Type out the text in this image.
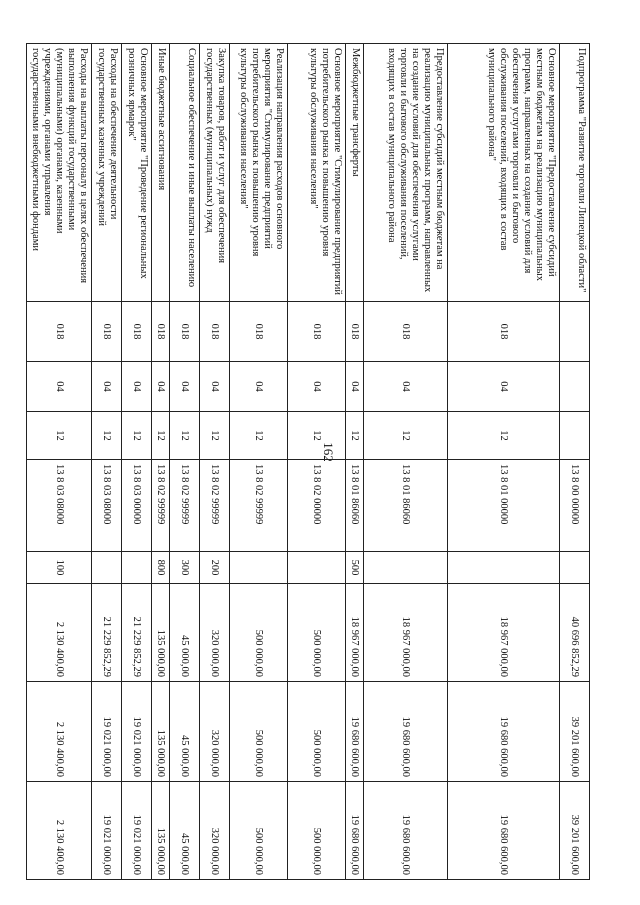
162
Подпрограмма "Развитие торговли Липецкой области"				13 8 00 00000		40 696 852,29	39 201 600,00	39 201 600,00
Основное мероприятие "Предоставление субсидий местным бюджетам на реализацию муниципальных программ, направленных на создание условий для обеспечения услугами торговли и бытового обслуживания поселений, входящих в состав муниципального района"	018	04	12	13 8 01 00000		18 967 000,00	19 680 600,00	19 680 600,00
Предоставление субсидий местным бюджетам на реализацию муниципальных программ, направленных на создание условий для обеспечения услугами торговли и бытового обслуживания поселений, входящих в состав муниципального района	018	04	12	13 8 01 86060		18 967 000,00	19 680 600,00	19 680 600,00
Межбюджетные трансферты	018	04	12	13 8 01 86060	500	18 967 000,00	19 680 600,00	19 680 600,00
Основное мероприятие "Стимулирование предприятий потребительского рынка к повышению уровня культуры обслуживания населения"	018	04	12	13 8 02 00000		500 000,00	500 000,00	500 000,00
Реализация направления расходов основного мероприятия "Стимулирование предприятий потребительского рынка к повышению уровня культуры обслуживания населения"	018	04	12	13 8 02 99999		500 000,00	500 000,00	500 000,00
Закупка товаров, работ и услуг для обеспечения государственных (муниципальных) нужд	018	04	12	13 8 02 99999	200	320 000,00	320 000,00	320 000,00
Социальное обеспечение и иные выплаты населению	018	04	12	13 8 02 99999	300	45 000,00	45 000,00	45 000,00
Иные бюджетные ассигнования	018	04	12	13 8 02 99999	800	135 000,00	135 000,00	135 000,00
Основное мероприятие "Проведение региональных розничных ярмарок"	018	04	12	13 8 03 00000		21 229 852,29	19 021 000,00	19 021 000,00
Расходы на обеспечение деятельности государственных казенных учреждений	018	04	12	13 8 03 08000		21 229 852,29	19 021 000,00	19 021 000,00
Расходы на выплаты персоналу в целях обеспечения выполнения функций государственными (муниципальными) органами, казенными учреждениями, органами управления государственными внебюджетными фондами	018	04	12	13 8 03 08000	100	2 130 400,00	2 130 400,00	2 130 400,00
